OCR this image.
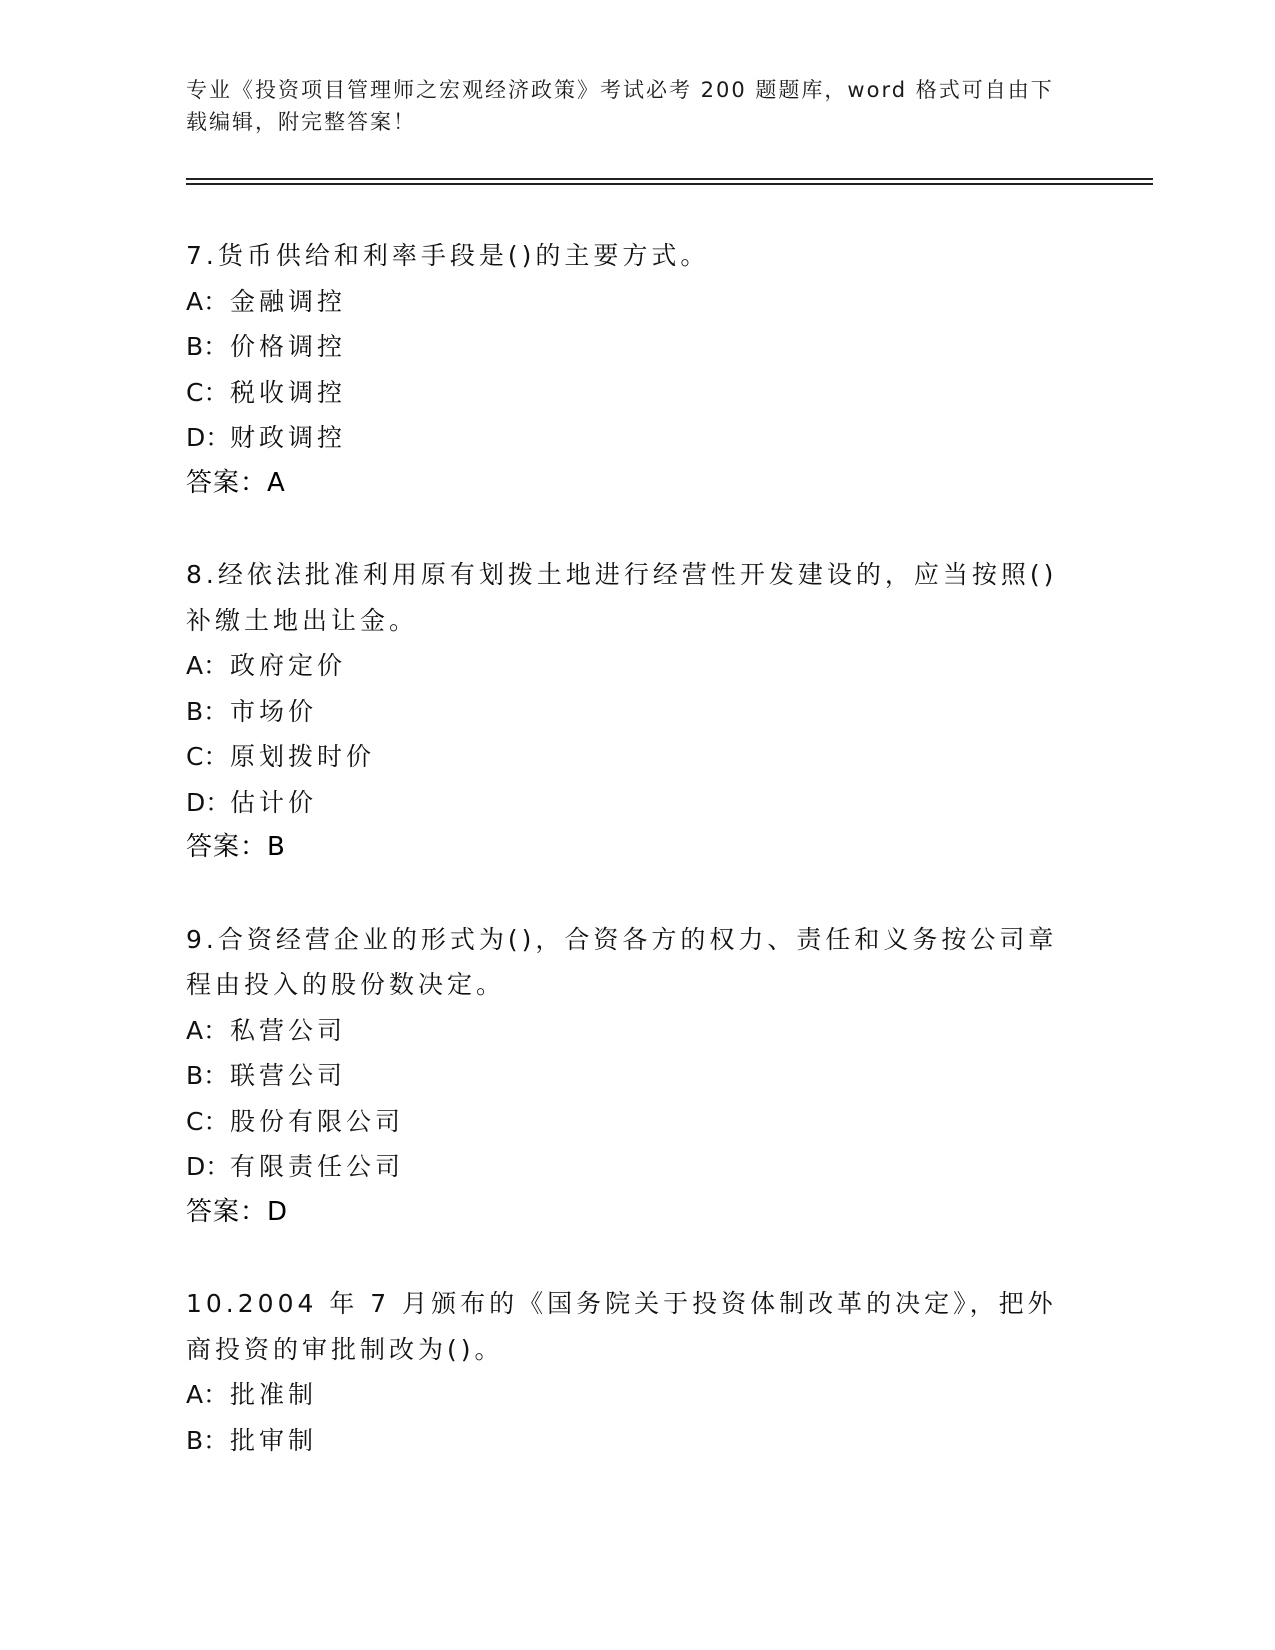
专业《投资项目管理师之宏观经济政策》考试必考 200 题题库，word 格式可自由下载编辑，附完整答案！
7.货币供给和利率手段是()的主要方式。
A：金融调控
B：价格调控
C：税收调控
D：财政调控
答案：A
8.经依法批准利用原有划拨土地进行经营性开发建设的，应当按照()补缴土地出让金。
A：政府定价
B：市场价
C：原划拨时价
D：估计价
答案：B
9.合资经营企业的形式为()，合资各方的权力、责任和义务按公司章程由投入的股份数决定。
A：私营公司
B：联营公司
C：股份有限公司
D：有限责任公司
答案：D
10.2004 年 7 月颁布的《国务院关于投资体制改革的决定》，把外商投资的审批制改为()。
A：批准制
B：批审制
